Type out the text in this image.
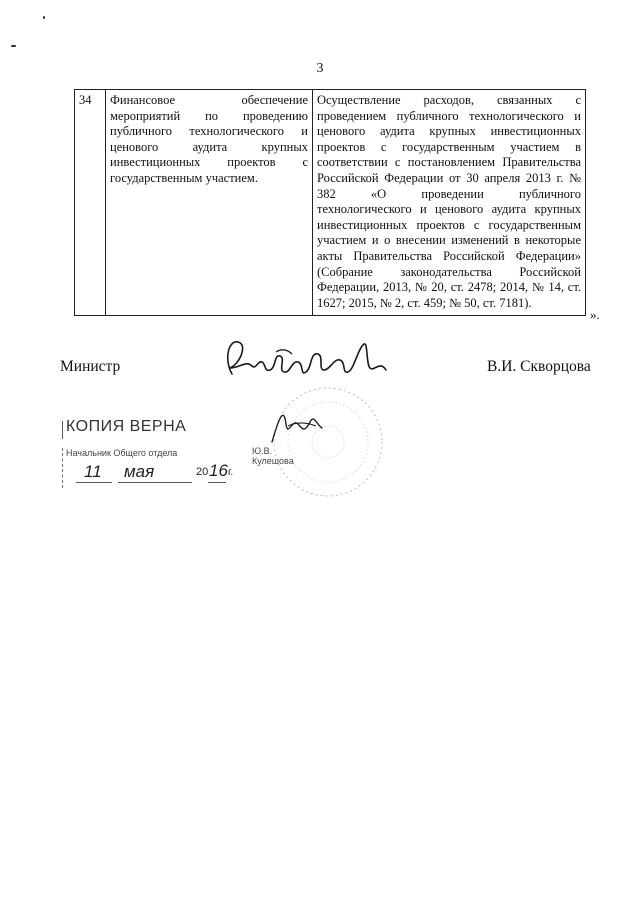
3
34	Финансовое обеспечение мероприятий по проведению публичного технологического и ценового аудита крупных инвестиционных проектов с государственным участием.	Осуществление расходов, связанных с проведением публичного технологического и ценового аудита крупных инвестиционных проектов с государственным участием в соответствии с постановлением Правительства Российской Федерации от 30 апреля 2013 г. № 382 «О проведении публичного технологического и ценового аудита крупных инвестиционных проектов с государственным участием и о внесении изменений в некоторые акты Правительства Российской Федерации» (Собрание законодательства Российской Федерации, 2013, № 20, ст. 2478; 2014, № 14, ст. 1627; 2015, № 2, ст. 459; № 50, ст. 7181).
».
Министр	В.И. Скворцова
КОПИЯ ВЕРНА
Начальник Общего отдела	Ю.В. Кулешова
11 мая	20 16 г.
